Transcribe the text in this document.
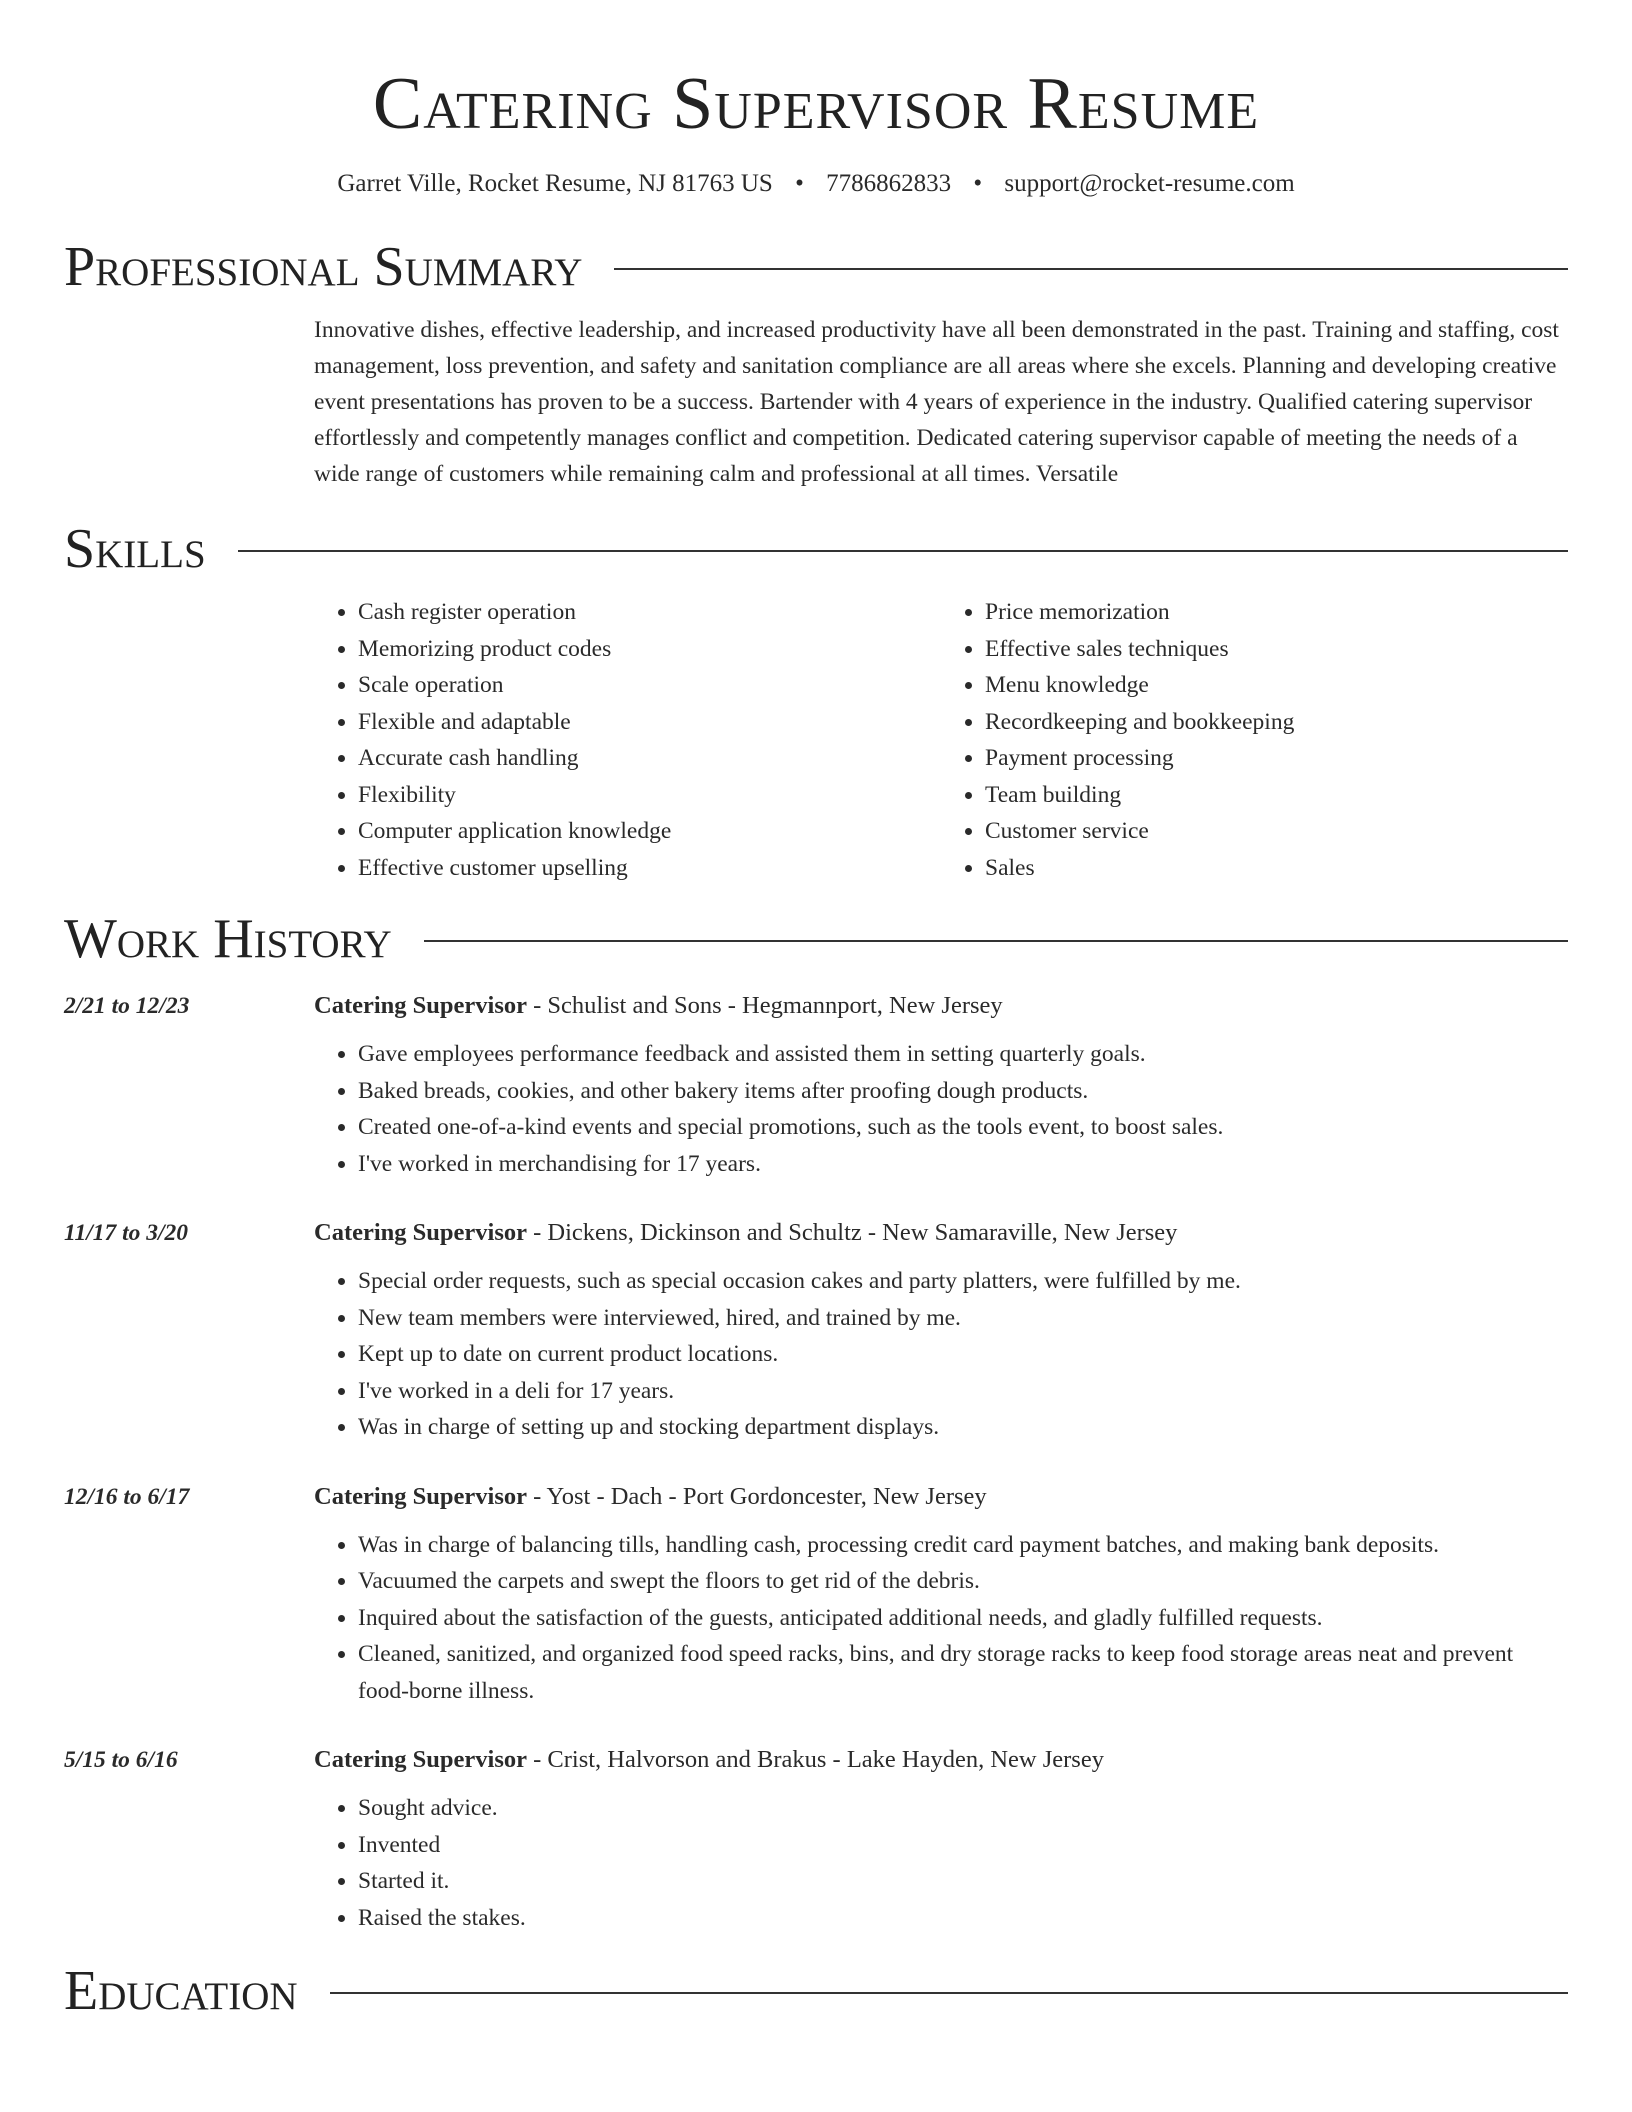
Catering Supervisor Resume
Garret Ville, Rocket Resume, NJ 81763 US • 7786862833 • support@rocket-resume.com
Professional Summary

Innovative dishes, effective leadership, and increased productivity have all been demonstrated in the past. Training and staffing, cost management, loss prevention, and safety and sanitation compliance are all areas where she excels. Planning and developing creative event presentations has proven to be a success. Bartender with 4 years of experience in the industry. Qualified catering supervisor effortlessly and competently manages conflict and competition. Dedicated catering supervisor capable of meeting the needs of a wide range of customers while remaining calm and professional at all times. Versatile

Skills
• Cash register operation
• Memorizing product codes
• Scale operation
• Flexible and adaptable
• Accurate cash handling
• Flexibility
• Computer application knowledge
• Effective customer upselling
• Price memorization
• Effective sales techniques
• Menu knowledge
• Recordkeeping and bookkeeping
• Payment processing
• Team building
• Customer service
• Sales
Work History
2/21 to 12/23	Catering Supervisor - Schulist and Sons - Hegmannport, New Jersey
• Gave employees performance feedback and assisted them in setting quarterly goals.
• Baked breads, cookies, and other bakery items after proofing dough products.
• Created one-of-a-kind events and special promotions, such as the tools event, to boost sales.
• I've worked in merchandising for 17 years.
11/17 to 3/20	Catering Supervisor - Dickens, Dickinson and Schultz - New Samaraville, New Jersey
• Special order requests, such as special occasion cakes and party platters, were fulfilled by me.
• New team members were interviewed, hired, and trained by me.
• Kept up to date on current product locations.
• I've worked in a deli for 17 years.
• Was in charge of setting up and stocking department displays.
12/16 to 6/17	Catering Supervisor - Yost - Dach - Port Gordoncester, New Jersey
• Was in charge of balancing tills, handling cash, processing credit card payment batches, and making bank deposits.
• Vacuumed the carpets and swept the floors to get rid of the debris.
• Inquired about the satisfaction of the guests, anticipated additional needs, and gladly fulfilled requests.
• Cleaned, sanitized, and organized food speed racks, bins, and dry storage racks to keep food storage areas neat and prevent food-borne illness.
5/15 to 6/16	Catering Supervisor - Crist, Halvorson and Brakus - Lake Hayden, New Jersey
• Sought advice.
• Invented
• Started it.
• Raised the stakes.
Education
